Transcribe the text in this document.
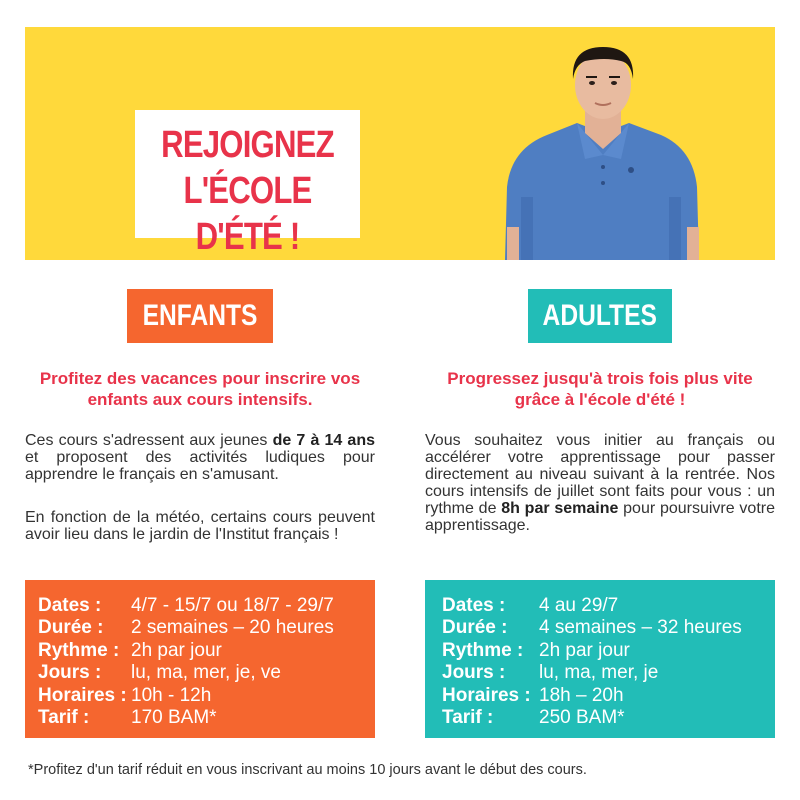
REJOIGNEZ
L'ÉCOLE D'ÉTÉ !
ENFANTS	ADULTES
Profitez des vacances pour inscrire vos enfants aux cours intensifs.
Progressez jusqu'à trois fois plus vite grâce à l'école d'été !
Ces cours s'adressent aux jeunes de 7 à 14 ans et proposent des activités ludiques pour apprendre le français en s'amusant.
En fonction de la météo, certains cours peuvent avoir lieu dans le jardin de l'Institut français !
Vous souhaitez vous initier au français ou accélérer votre apprentissage pour passer directement au niveau suivant à la rentrée. Nos cours intensifs de juillet sont faits pour vous : un rythme de 8h par semaine pour poursuivre votre apprentissage.
Dates :	4/7 - 15/7 ou 18/7 - 29/7
Durée :	2 semaines – 20 heures
Rythme : 2h par jour
Jours :	lu, ma, mer, je, ve
Horaires : 10h - 12h
Tarif :	170 BAM*
Dates :	4 au 29/7
Durée :	4 semaines – 32 heures
Rythme : 2h par jour
Jours :	lu, ma, mer, je
Horaires : 18h – 20h
Tarif :	250 BAM*
*Profitez d'un tarif réduit en vous inscrivant au moins 10 jours avant le début des cours.
